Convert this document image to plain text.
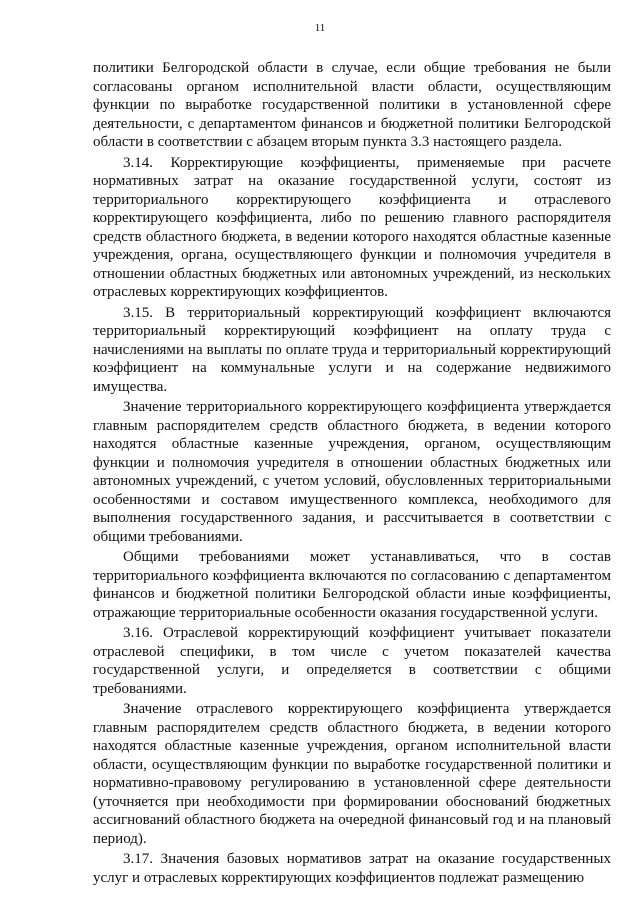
11

политики Белгородской области в случае, если общие требования не были согласованы органом исполнительной власти области, осуществляющим функции по выработке государственной политики в установленной сфере деятельности, с департаментом финансов и бюджетной политики Белгородской области в соответствии с абзацем вторым пункта 3.3 настоящего раздела.

3.14. Корректирующие коэффициенты, применяемые при расчете нормативных затрат на оказание государственной услуги, состоят из территориального корректирующего коэффициента и отраслевого корректирующего коэффициента, либо по решению главного распорядителя средств областного бюджета, в ведении которого находятся областные казенные учреждения, органа, осуществляющего функции и полномочия учредителя в отношении областных бюджетных или автономных учреждений, из нескольких отраслевых корректирующих коэффициентов.

3.15. В территориальный корректирующий коэффициент включаются территориальный корректирующий коэффициент на оплату труда с начислениями на выплаты по оплате труда и территориальный корректирующий коэффициент на коммунальные услуги и на содержание недвижимого имущества.

Значение территориального корректирующего коэффициента утверждается главным распорядителем средств областного бюджета, в ведении которого находятся областные казенные учреждения, органом, осуществляющим функции и полномочия учредителя в отношении областных бюджетных или автономных учреждений, с учетом условий, обусловленных территориальными особенностями и составом имущественного комплекса, необходимого для выполнения государственного задания, и рассчитывается в соответствии с общими требованиями.

Общими требованиями может устанавливаться, что в состав территориального коэффициента включаются по согласованию с департаментом финансов и бюджетной политики Белгородской области иные коэффициенты, отражающие территориальные особенности оказания государственной услуги.

3.16. Отраслевой корректирующий коэффициент учитывает показатели отраслевой специфики, в том числе с учетом показателей качества государственной услуги, и определяется в соответствии с общими требованиями.

Значение отраслевого корректирующего коэффициента утверждается главным распорядителем средств областного бюджета, в ведении которого находятся областные казенные учреждения, органом исполнительной власти области, осуществляющим функции по выработке государственной политики и нормативно-правовому регулированию в установленной сфере деятельности (уточняется при необходимости при формировании обоснований бюджетных ассигнований областного бюджета на очередной финансовый год и на плановый период).

3.17. Значения базовых нормативов затрат на оказание государственных услуг и отраслевых корректирующих коэффициентов подлежат размещению
